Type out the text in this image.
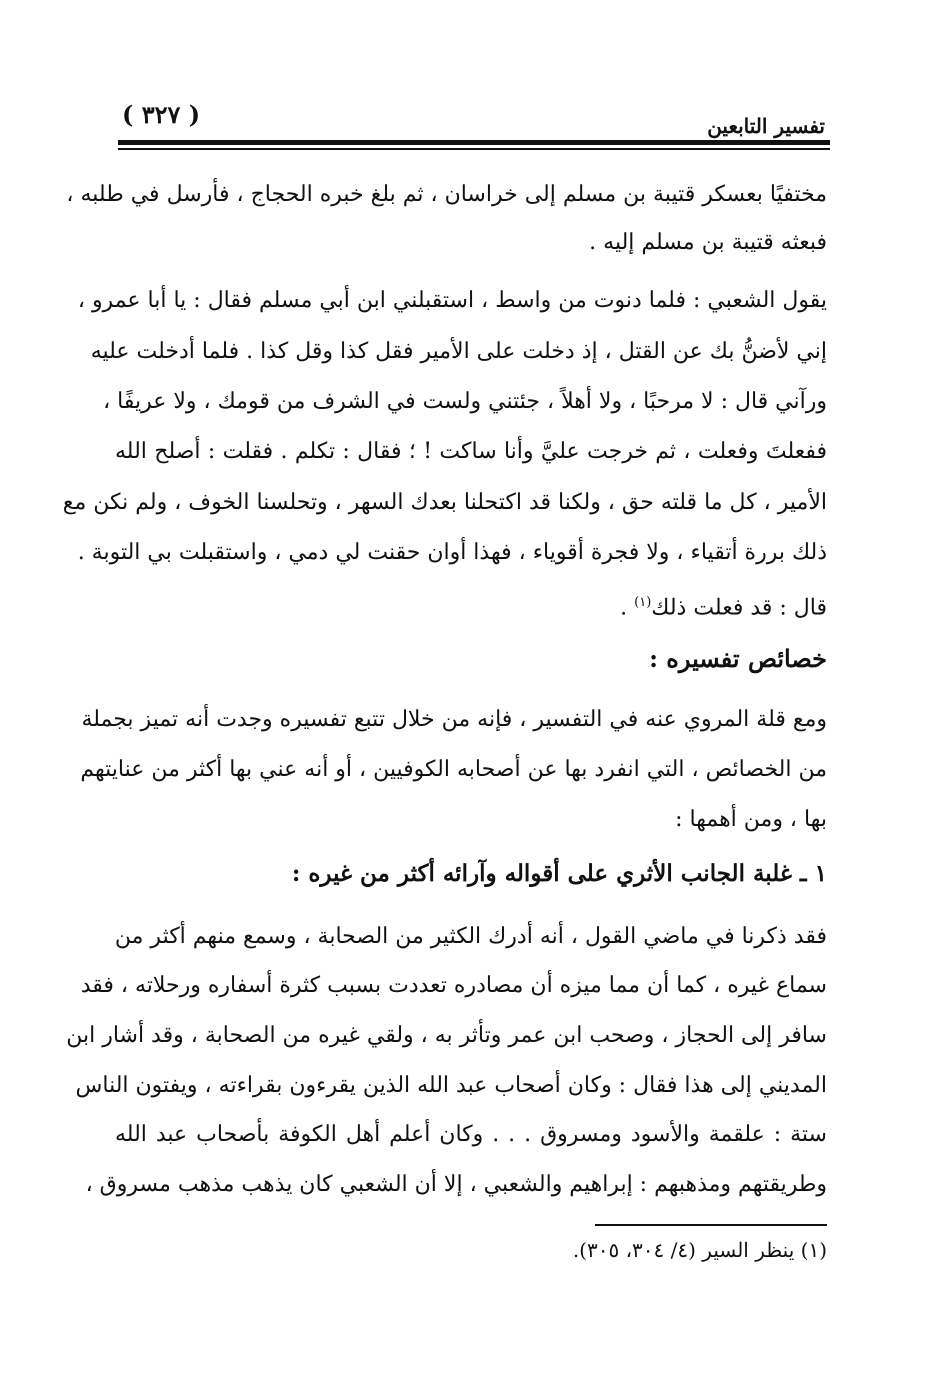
تفسير التابعين
( ٣٢٧ )
مختفيًا بعسكر قتيبة بن مسلم إلى خراسان ، ثم بلغ خبره الحجاج ، فأرسل في طلبه ،
فبعثه قتيبة بن مسلم إليه .
يقول الشعبي : فلما دنوت من واسط ، استقبلني ابن أبي مسلم فقال : يا أبا عمرو ،
إني لأضنُّ بك عن القتل ، إذ دخلت على الأمير فقل كذا وقل كذا . فلما أدخلت عليه
ورآني قال : لا مرحبًا ، ولا أهلاً ، جئتني ولست في الشرف من قومك ، ولا عريفًا ،
ففعلتَ وفعلت ، ثم خرجت عليَّ وأنا ساكت ! ؛ فقال : تكلم . فقلت : أصلح الله
الأمير ، كل ما قلته حق ، ولكنا قد اكتحلنا بعدك السهر ، وتحلسنا الخوف ، ولم نكن مع
ذلك بررة أتقياء ، ولا فجرة أقوياء ، فهذا أوان حقنت لي دمي ، واستقبلت بي التوبة .
قال : قد فعلت ذلك$^{(١)}$ .
خصائص تفسيره :
ومع قلة المروي عنه في التفسير ، فإنه من خلال تتبع تفسيره وجدت أنه تميز بجملة
من الخصائص ، التي انفرد بها عن أصحابه الكوفيين ، أو أنه عني بها أكثر من عنايتهم
بها ، ومن أهمها :
١ ـ غلبة الجانب الأثري على أقواله وآرائه أكثر من غيره :
فقد ذكرنا في ماضي القول ، أنه أدرك الكثير من الصحابة ، وسمع منهم أكثر من
سماع غيره ، كما أن مما ميزه أن مصادره تعددت بسبب كثرة أسفاره ورحلاته ، فقد
سافر إلى الحجاز ، وصحب ابن عمر وتأثر به ، ولقي غيره من الصحابة ، وقد أشار ابن
المديني إلى هذا فقال : وكان أصحاب عبد الله الذين يقرءون بقراءته ، ويفتون الناس
ستة : علقمة والأسود ومسروق . . . وكان أعلم أهل الكوفة بأصحاب عبد الله
وطريقتهم ومذهبهم : إبراهيم والشعبي ، إلا أن الشعبي كان يذهب مذهب مسروق ،
(١) ينظر السير (٤/ ٣٠٤، ٣٠٥).
